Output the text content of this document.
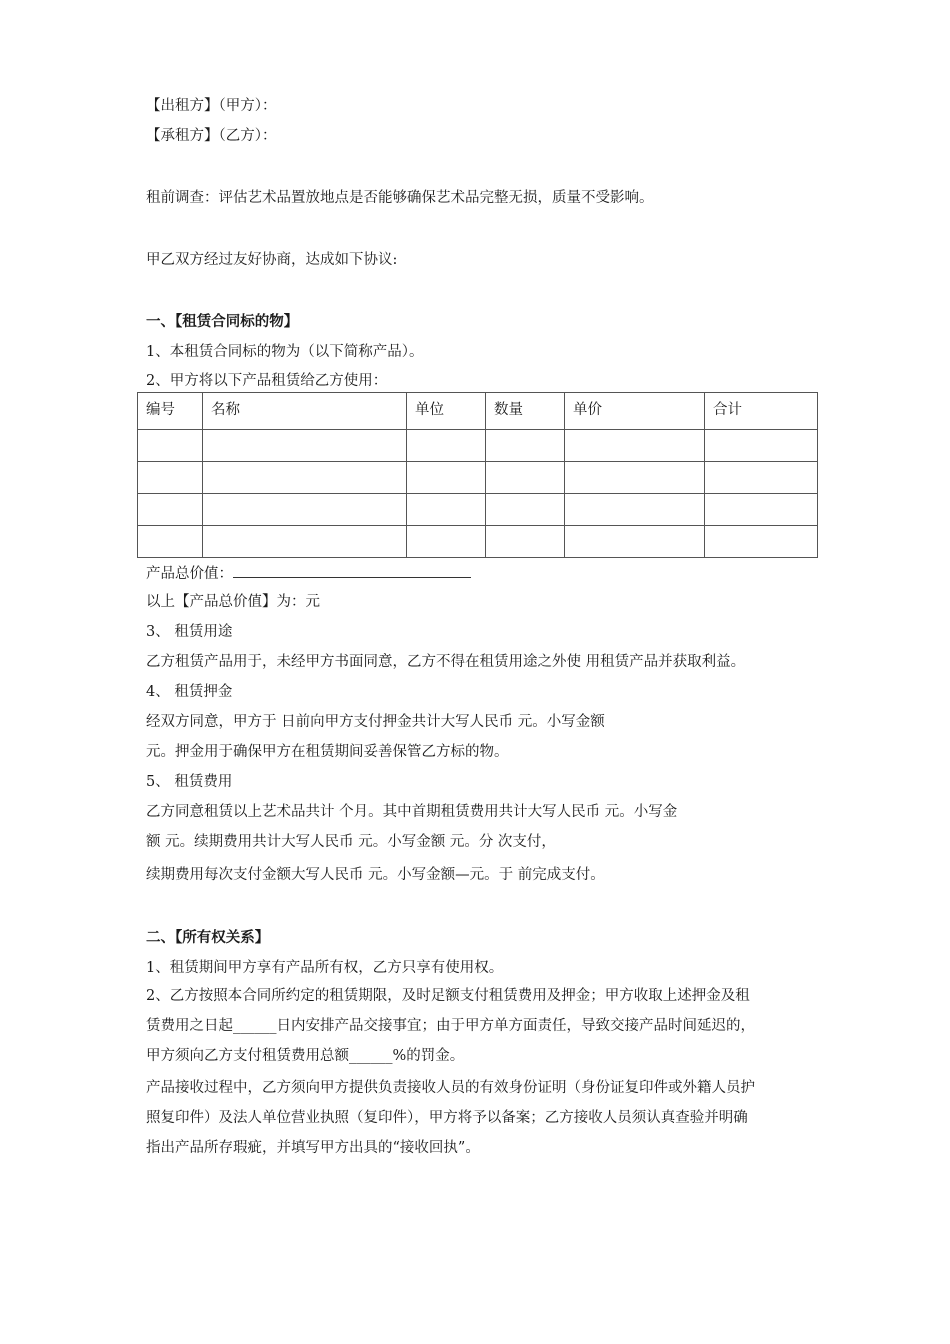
【出租方】（甲方）：
【承租方】（乙方）：
租前调查：评估艺术品置放地点是否能够确保艺术品完整无损，质量不受影响。
甲乙双方经过友好协商，达成如下协议:
一、【租赁合同标的物】
1、本租赁合同标的物为（以下简称产品）。
2、甲方将以下产品租赁给乙方使用：
编号	名称	单位	数量	单价	合计

产品总价值：
以上【产品总价值】为：元
3、 租赁用途
乙方租赁产品用于，未经甲方书面同意，乙方不得在租赁用途之外使 用租赁产品并获取利益。
4、 租赁押金
经双方同意，甲方于 日前向甲方支付押金共计大写人民币 元。小写金额
元。押金用于确保甲方在租赁期间妥善保管乙方标的物。
5、 租赁费用
乙方同意租赁以上艺术品共计 个月。其中首期租赁费用共计大写人民币 元。小写金
额 元。续期费用共计大写人民币 元。小写金额 元。分 次支付，
续期费用每次支付金额大写人民币 元。小写金额—元。于 前完成支付。
二、【所有权关系】
1、租赁期间甲方享有产品所有权，乙方只享有使用权。
2、乙方按照本合同所约定的租赁期限，及时足额支付租赁费用及押金；甲方收取上述押金及租
赁费用之日起______日内安排产品交接事宜；由于甲方单方面责任，导致交接产品时间延迟的，
甲方须向乙方支付租赁费用总额______%的罚金。
产品接收过程中，乙方须向甲方提供负责接收人员的有效身份证明（身份证复印件或外籍人员护
照复印件）及法人单位营业执照（复印件），甲方将予以备案；乙方接收人员须认真查验并明确
指出产品所存瑕疵，并填写甲方出具的“接收回执”。
